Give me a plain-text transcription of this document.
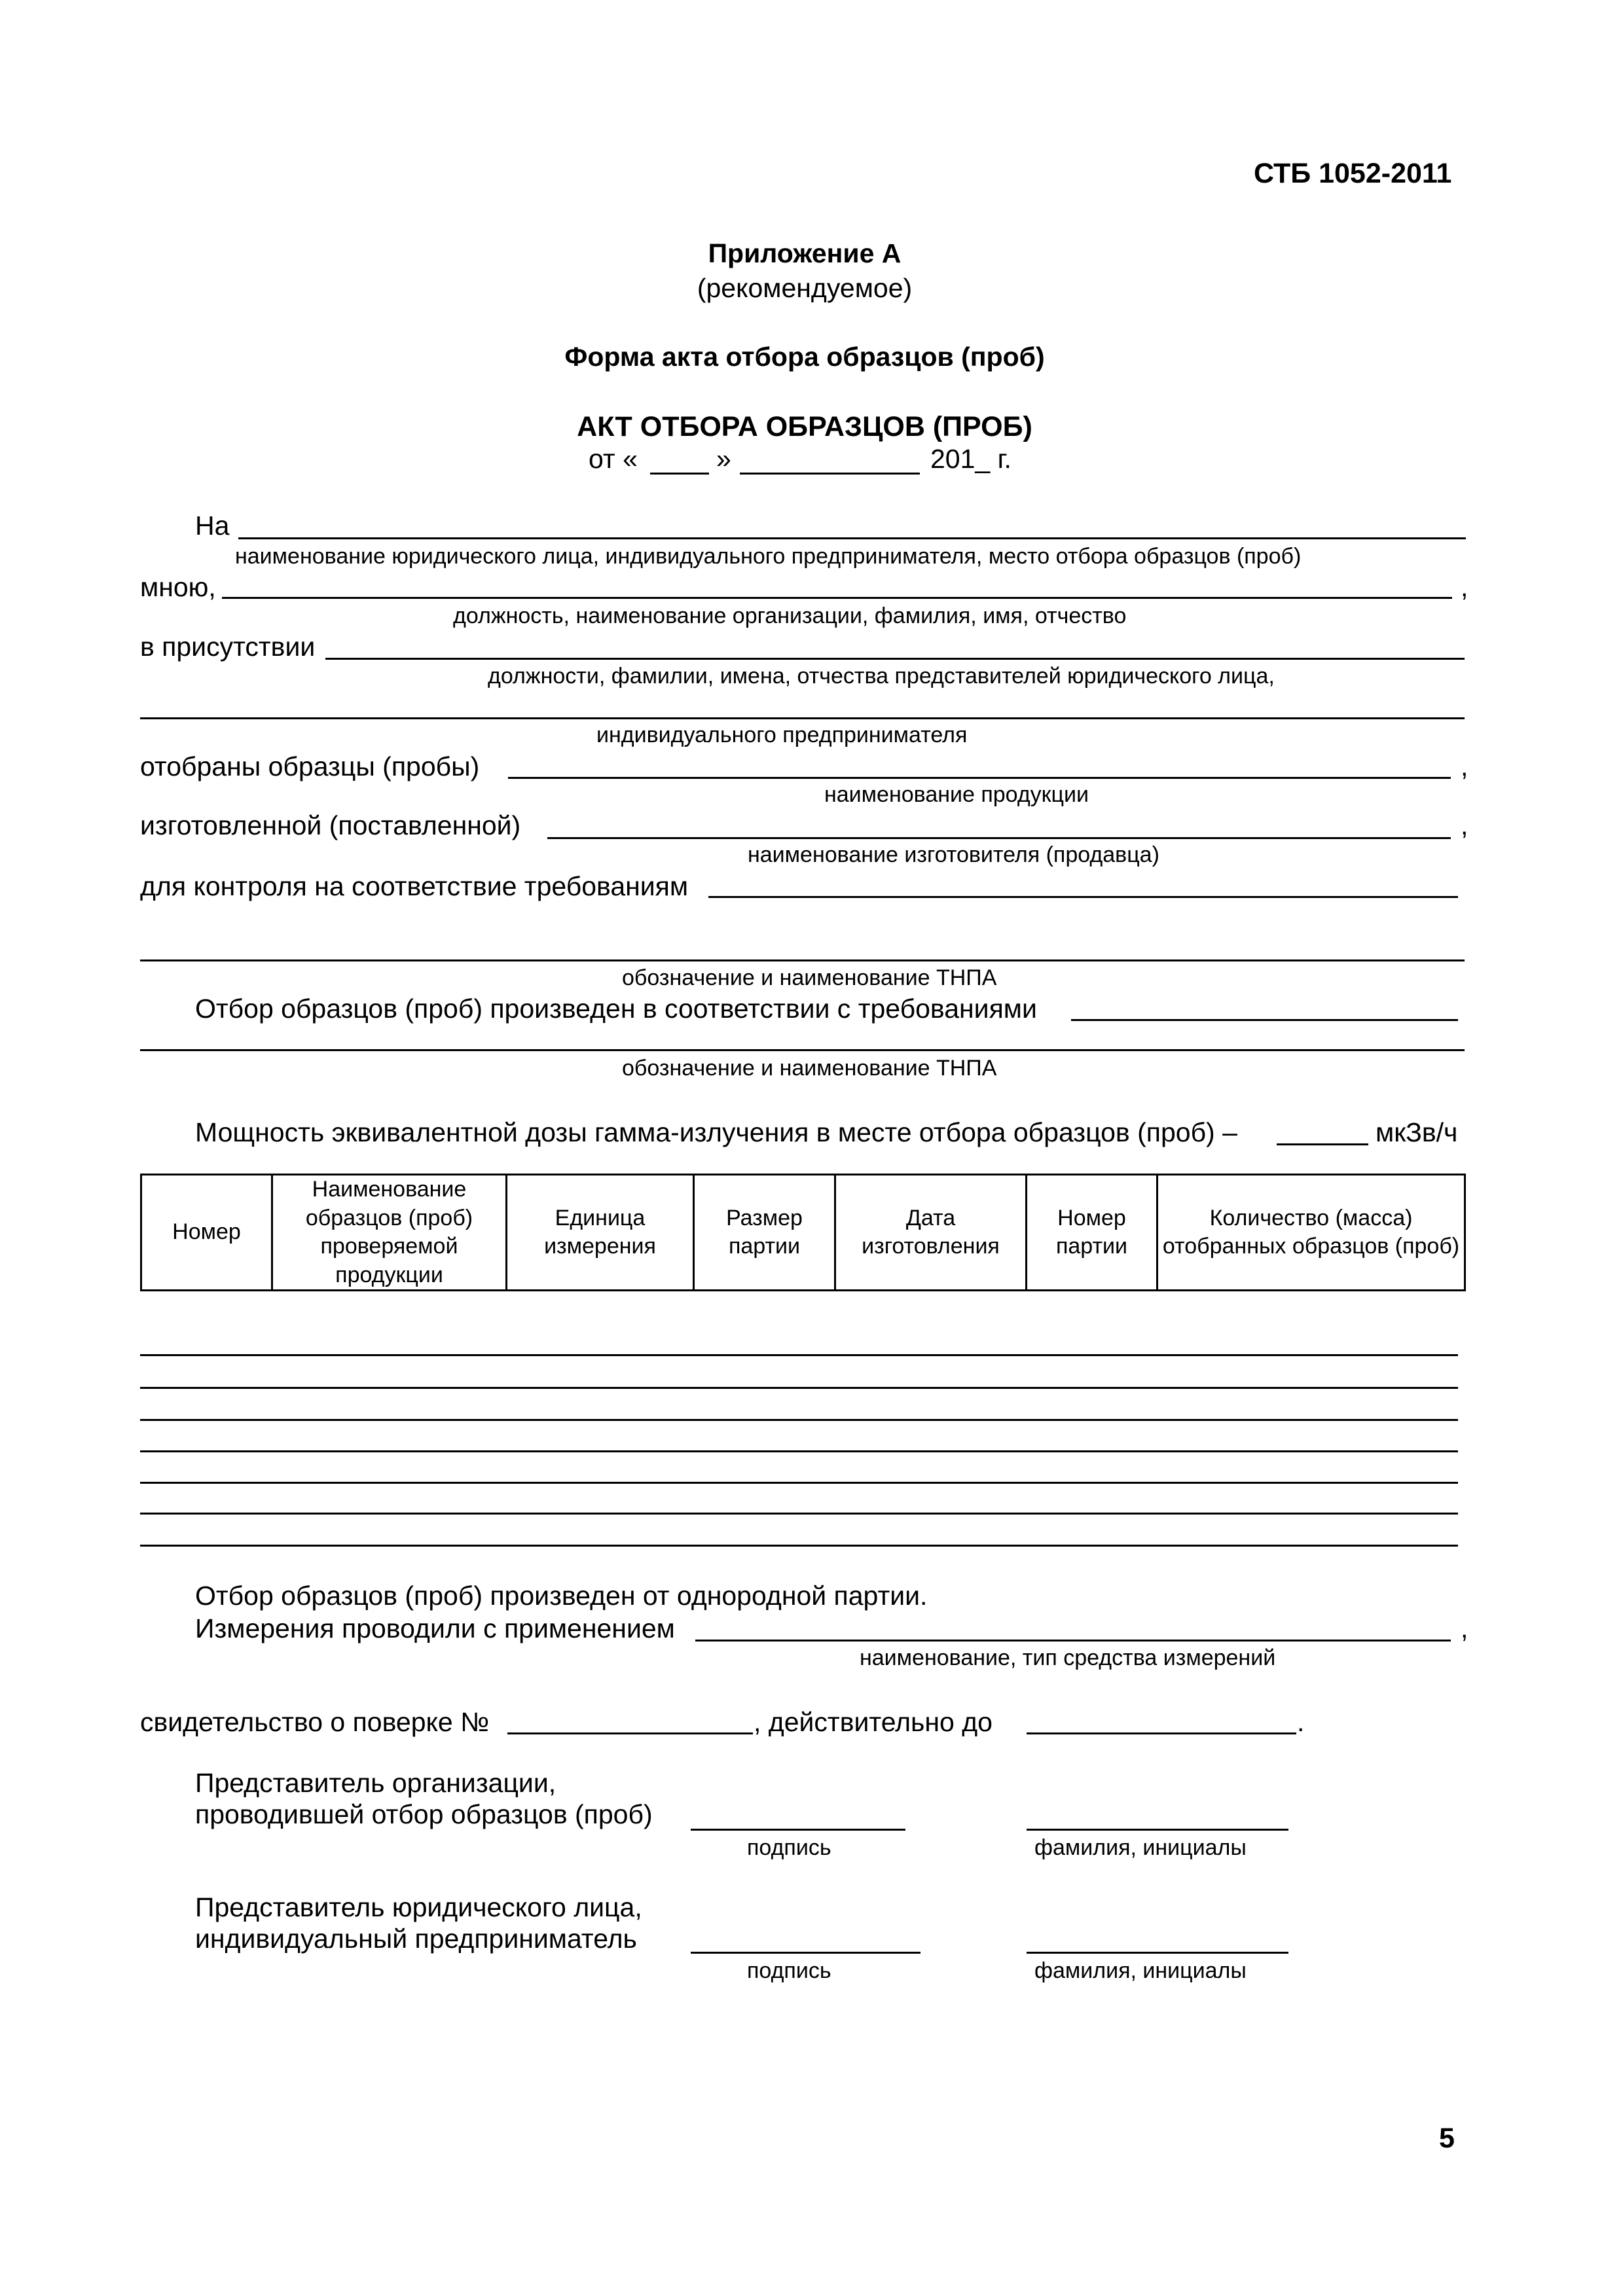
СТБ 1052-2011
Приложение А
(рекомендуемое)
Форма акта отбора образцов (проб)
АКТ ОТБОРА ОБРАЗЦОВ (ПРОБ)
от «	»	201_ г.
На
наименование юридического лица, индивидуального предпринимателя, место отбора образцов (проб)
мною,	,
должность, наименование организации, фамилия, имя, отчество
в присутствии
должности, фамилии, имена, отчества представителей юридического лица,
индивидуального предпринимателя
отобраны образцы (пробы)	,
наименование продукции
изготовленной (поставленной)	,
наименование изготовителя (продавца)
для контроля на соответствие требованиям
обозначение и наименование ТНПА
Отбор образцов (проб) произведен в соответствии с требованиями
обозначение и наименование ТНПА
Мощность эквивалентной дозы гамма-излучения в месте отбора образцов (проб) –	мкЗв/ч
Номер	Наименование образцов (проб) проверяемой продукции	Единица измерения	Размер партии	Дата изготовления	Номер партии	Количество (масса) отобранных образцов (проб)
Отбор образцов (проб) произведен от однородной партии.
Измерения проводили с применением	,
наименование, тип средства измерений
свидетельство о поверке №	, действительно до	.
Представитель организации,
проводившей отбор образцов (проб)
подпись	фамилия, инициалы
Представитель юридического лица,
индивидуальный предприниматель
подпись	фамилия, инициалы
5
